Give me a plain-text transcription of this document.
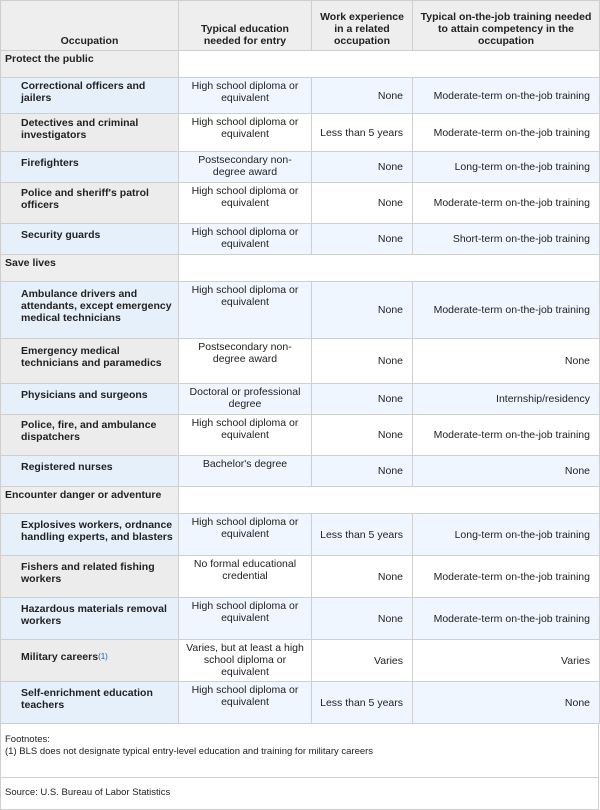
Occupation	Typical education needed for entry	Work experience in a related occupation	Typical on-the-job training needed to attain competency in the occupation
Protect the public			

Correctional officers and jailers	High school diploma or equivalent	None	Moderate-term on-the-job training

Detectives and criminal investigators	High school diploma or equivalent	Less than 5 years	Moderate-term on-the-job training

Firefighters	Postsecondary non-degree award	None	Long-term on-the-job training

Police and sheriff's patrol officers	High school diploma or equivalent	None	Moderate-term on-the-job training

Security guards	High school diploma or equivalent	None	Short-term on-the-job training
Save lives			

Ambulance drivers and attendants, except emergency medical technicians	High school diploma or equivalent	None	Moderate-term on-the-job training

Emergency medical technicians and paramedics	Postsecondary non-degree award	None	None

Physicians and surgeons	Doctoral or professional degree	None	Internship/residency

Police, fire, and ambulance dispatchers	High school diploma or equivalent	None	Moderate-term on-the-job training

Registered nurses	Bachelor's degree	None	None
Encounter danger or adventure			

Explosives workers, ordnance handling experts, and blasters	High school diploma or equivalent	Less than 5 years	Long-term on-the-job training

Fishers and related fishing workers	No formal educational credential	None	Moderate-term on-the-job training

Hazardous materials removal workers	High school diploma or equivalent	None	Moderate-term on-the-job training

Military careers(1)	Varies, but at least a high school diploma or equivalent	Varies	Varies

Self-enrichment education teachers	High school diploma or equivalent	Less than 5 years	None
Footnotes:
(1) BLS does not designate typical entry-level education and training for military careers
Source: U.S. Bureau of Labor Statistics
